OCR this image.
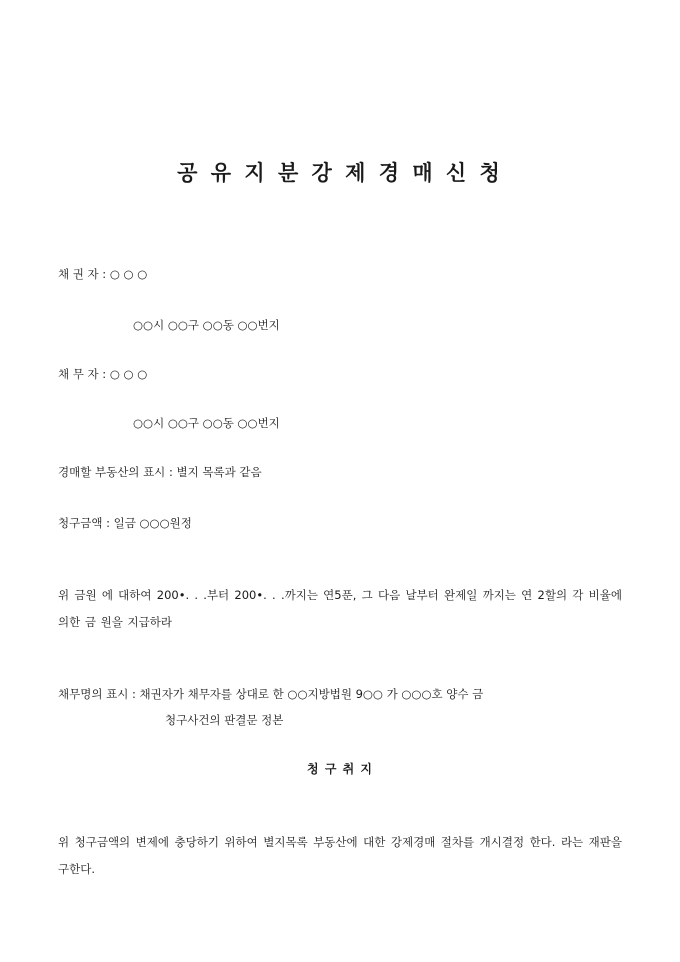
공 유 지 분 강 제 경 매 신 청
채 권 자 : ○ ○ ○
○○시 ○○구 ○○동 ○○번지
채 무 자 : ○ ○ ○
○○시 ○○구 ○○동 ○○번지
경매할 부동산의 표시 : 별지 목록과 같음
청구금액 : 일금 ○○○원정
위 금원 에 대하여 200•. . .부터 200•. . .까지는 연5푼, 그 다음 날부터 완제일 까지는 연 2할의 각 비율에 의한 금 원을 지급하라
채무명의 표시 : 채권자가 채무자를 상대로 한 ○○지방법원 9○○ 가 ○○○호 양수 금
청구사건의 판결문 정본
청 구 취 지
위 청구금액의 변제에 충당하기 위하여 별지목록 부동산에 대한 강제경매 절차를 개시결정 한다. 라는 재판을 구한다.
